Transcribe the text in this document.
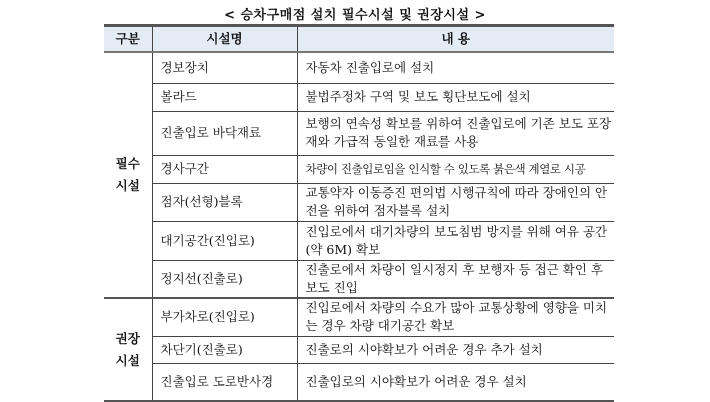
< 승차구매점 설치 필수시설 및 권장시설 >
구분	시설명	내 용
필수
시설	경보장치	자동차 진출입로에 설치
	볼라드	불법주정차 구역 및 보도 횡단보도에 설치
	진출입로 바닥재료	보행의 연속성 확보를 위하여 진출입로에 기존 보도 포장재와 가급적 동일한 재료를 사용
	경사구간	차량이 진출입로임을 인식할 수 있도록 붉은색 계열로 시공
	점자(선형)블록	교통약자 이동증진 편의법 시행규칙에 따라 장애인의 안전을 위하여 점자블록 설치
	대기공간(진입로)	진입로에서 대기차량의 보도침범 방지를 위해 여유 공간(약 6M) 확보
	정지선(진출로)	진출로에서 차량이 일시정지 후 보행자 등 접근 확인 후 보도 진입
권장
시설	부가차로(진입로)	진입로에서 차량의 수요가 많아 교통상황에 영향을 미치는 경우 차량 대기공간 확보
	차단기(진출로)	진출로의 시야확보가 어려운 경우 추가 설치
	진출입로 도로반사경	진출입로의 시야확보가 어려운 경우 설치
